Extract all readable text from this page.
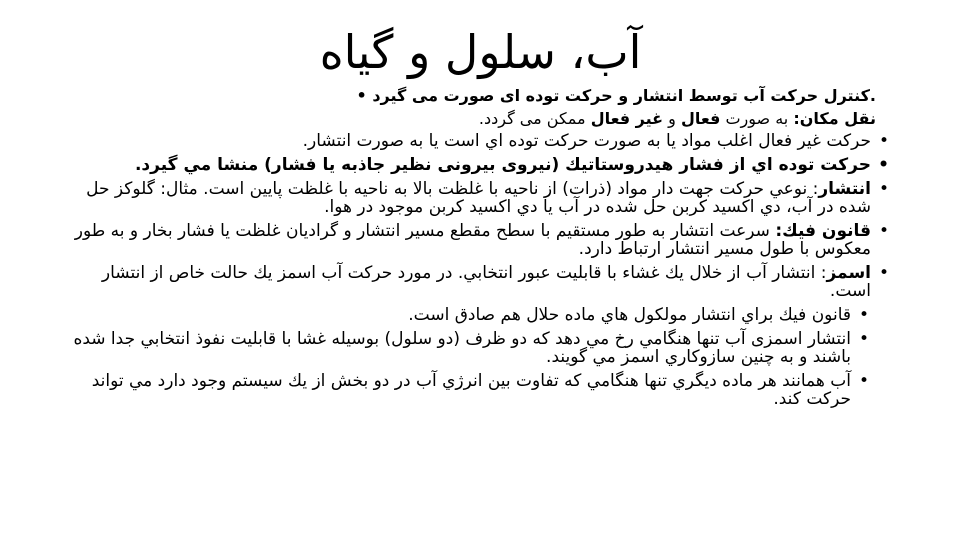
آب، سلول و گیاه
.کنترل حرکت آب توسط انتشار و حرکت توده ای صورت می گیرد •
نقل مكان: به صورت فعال و غیر فعال ممکن می گردد.
•
حركت غير فعال اغلب مواد يا به صورت حركت توده اي است يا به صورت انتشار.
•
حركت توده اي از فشار هيدروستاتيك (نيروی بيرونی نظير جاذبه يا فشار) منشا مي گيرد.
•
انتشار: نوعي حركت جهت دار مواد (ذرات) از ناحيه با غلظت بالا به ناحيه با غلظت پايين است. مثال: گلوكز حل شده در آب، دي اكسيد كربن حل شده در آب يا دي اكسيد كربن موجود در هوا.
•
قانون فيك: سرعت انتشار به طور مستقيم با سطح مقطع مسير انتشار و گراديان غلظت يا فشار بخار و به طور معكوس با طول مسير انتشار ارتباط دارد.
•
اسمز: انتشار آب از خلال يك غشاء با قابليت عبور انتخابي. در مورد حركت آب اسمز يك حالت خاص از انتشار است.
•
قانون فيك براي انتشار مولكول هاي ماده حلال هم صادق است.
•
انتشار اسمزی آب تنها هنگامي رخ مي دهد كه دو ظرف (دو سلول) بوسيله غشا با قابليت نفوذ انتخابي جدا شده باشند و به چنين سازوكاري اسمز مي گويند.
•
آب همانند هر ماده ديگري تنها هنگامي كه تفاوت بين انرژي آب در دو بخش از يك سيستم وجود دارد مي تواند حركت كند.
